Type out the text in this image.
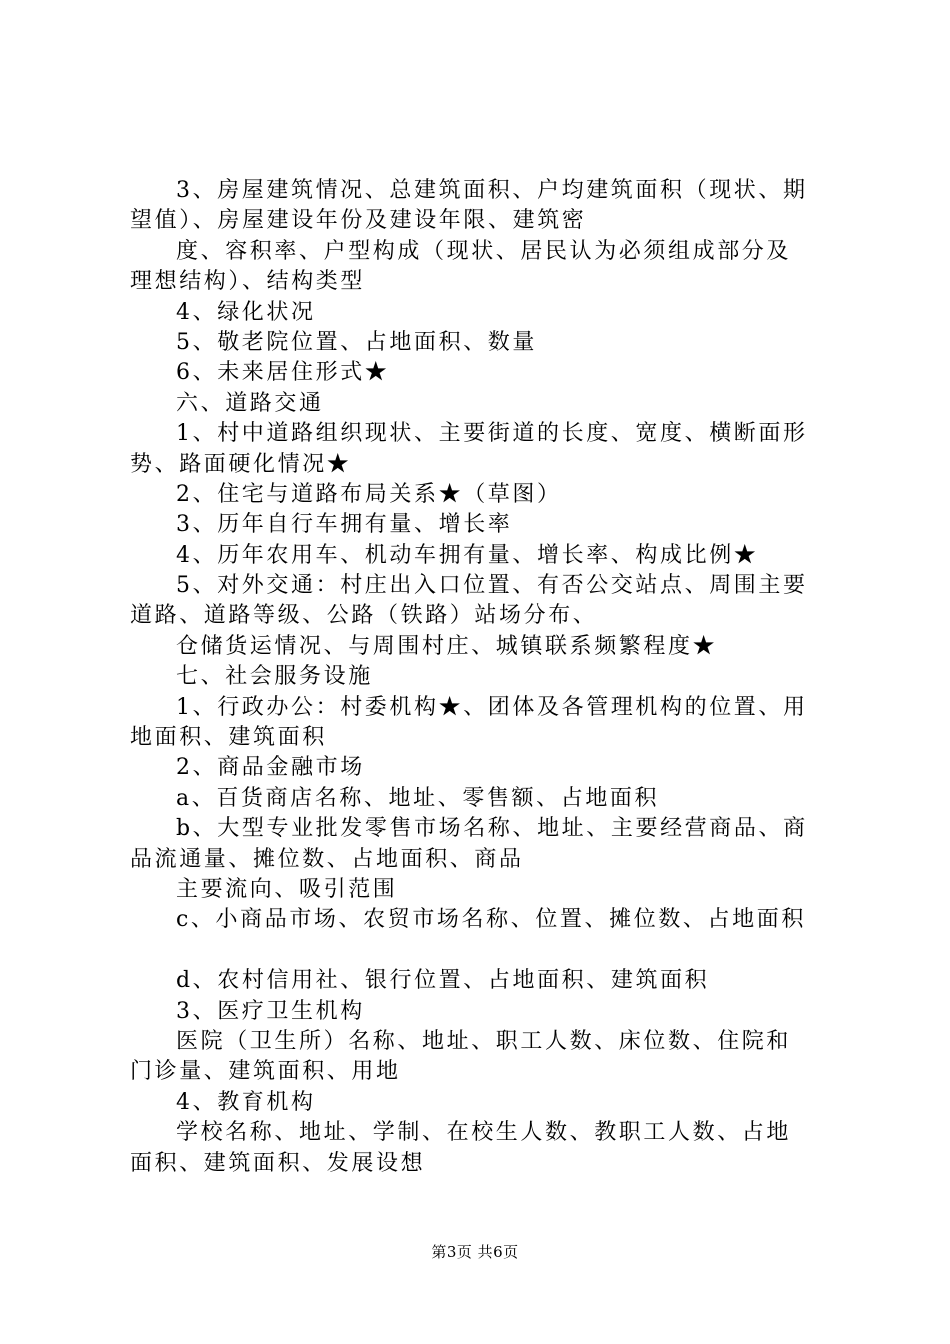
3、房屋建筑情况、总建筑面积、户均建筑面积（现状、期
望值）、房屋建设年份及建设年限、建筑密
度、容积率、户型构成（现状、居民认为必须组成部分及
理想结构）、结构类型
4、绿化状况
5、敬老院位置、占地面积、数量
6、未来居住形式★
六、道路交通
1、村中道路组织现状、主要街道的长度、宽度、横断面形
势、路面硬化情况★
2、住宅与道路布局关系★（草图）
3、历年自行车拥有量、增长率
4、历年农用车、机动车拥有量、增长率、构成比例★
5、对外交通：村庄出入口位置、有否公交站点、周围主要
道路、道路等级、公路（铁路）站场分布、
仓储货运情况、与周围村庄、城镇联系频繁程度★
七、社会服务设施
1、行政办公：村委机构★、团体及各管理机构的位置、用
地面积、建筑面积
2、商品金融市场
a、百货商店名称、地址、零售额、占地面积
b、大型专业批发零售市场名称、地址、主要经营商品、商
品流通量、摊位数、占地面积、商品
主要流向、吸引范围
c、小商品市场、农贸市场名称、位置、摊位数、占地面积
d、农村信用社、银行位置、占地面积、建筑面积
3、医疗卫生机构
医院（卫生所）名称、地址、职工人数、床位数、住院和
门诊量、建筑面积、用地
4、教育机构
学校名称、地址、学制、在校生人数、教职工人数、占地
面积、建筑面积、发展设想
第3页 共6页
